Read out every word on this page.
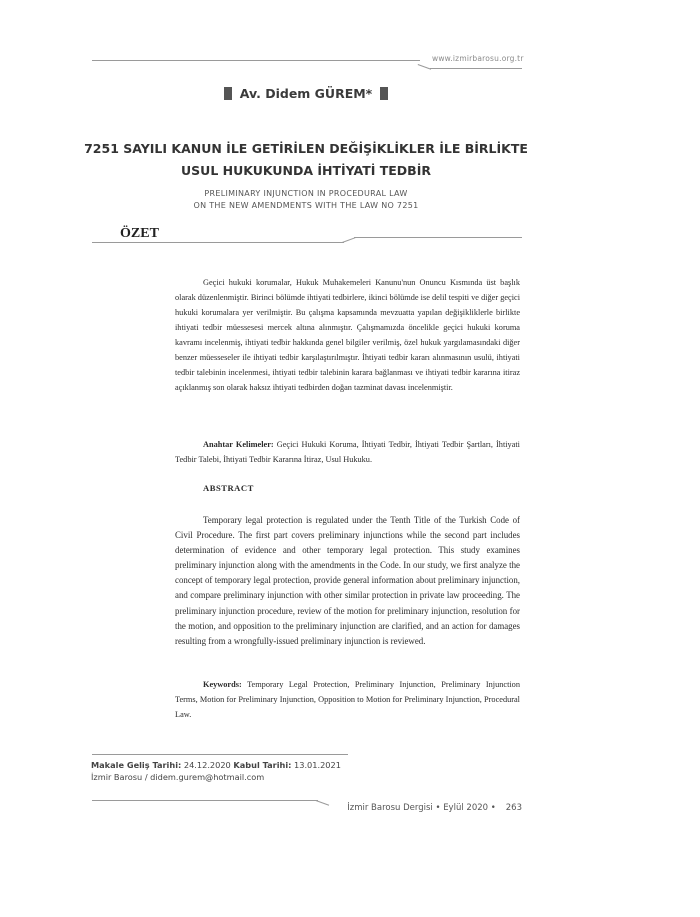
www.izmirbarosu.org.tr
Av. Didem GÜREM*
7251 SAYILI KANUN İLE GETİRİLEN DEĞİŞİKLİKLER İLE BİRLİKTE
USUL HUKUKUNDA İHTİYATİ TEDBİR
PRELIMINARY INJUNCTION IN PROCEDURAL LAW
ON THE NEW AMENDMENTS WITH THE LAW NO 7251
ÖZET

Geçici hukuki korumalar, Hukuk Muhakemeleri Kanunu'nun Onuncu Kısmında üst başlık olarak düzenlenmiştir. Birinci bölümde ihtiyati tedbirlere, ikinci bölümde ise delil tespiti ve diğer geçici hukuki korumalara yer verilmiştir. Bu çalışma kapsamında mevzuatta yapılan değişikliklerle birlikte ihtiyati tedbir müessesesi mercek altına alınmıştır. Çalışmamızda öncelikle geçici hukuki koruma kavramı incelenmiş, ihtiyati tedbir hakkında genel bilgiler verilmiş, özel hukuk yargılamasındaki diğer benzer müesseseler ile ihtiyati tedbir karşılaştırılmıştır. İhtiyati tedbir kararı alınmasının usulü, ihtiyati tedbir talebinin incelenmesi, ihtiyati tedbir talebinin karara bağlanması ve ihtiyati tedbir kararına itiraz açıklanmış son olarak haksız ihtiyati tedbirden doğan tazminat davası incelenmiştir.

Anahtar Kelimeler: Geçici Hukuki Koruma, İhtiyati Tedbir, İhtiyati Tedbir Şartları, İhtiyati Tedbir Talebi, İhtiyati Tedbir Kararına İtiraz, Usul Hukuku.

ABSTRACT

Temporary legal protection is regulated under the Tenth Title of the Turkish Code of Civil Procedure. The first part covers preliminary injunctions while the second part includes determination of evidence and other temporary legal protection. This study examines preliminary injunction along with the amendments in the Code. In our study, we first analyze the concept of temporary legal protection, provide general information about preliminary injunction, and compare preliminary injunction with other similar protection in private law proceeding. The preliminary injunction procedure, review of the motion for preliminary injunction, resolution for the motion, and opposition to the preliminary injunction are clarified, and an action for damages resulting from a wrongfully-issued preliminary injunction is reviewed.

Keywords: Temporary Legal Protection, Preliminary Injunction, Preliminary Injunction Terms, Motion for Preliminary Injunction, Opposition to Motion for Preliminary Injunction, Procedural Law.

Makale Geliş Tarihi: 24.12.2020 Kabul Tarihi: 13.01.2021
İzmir Barosu / didem.gurem@hotmail.com
İzmir Barosu Dergisi • Eylül 2020 • 263
